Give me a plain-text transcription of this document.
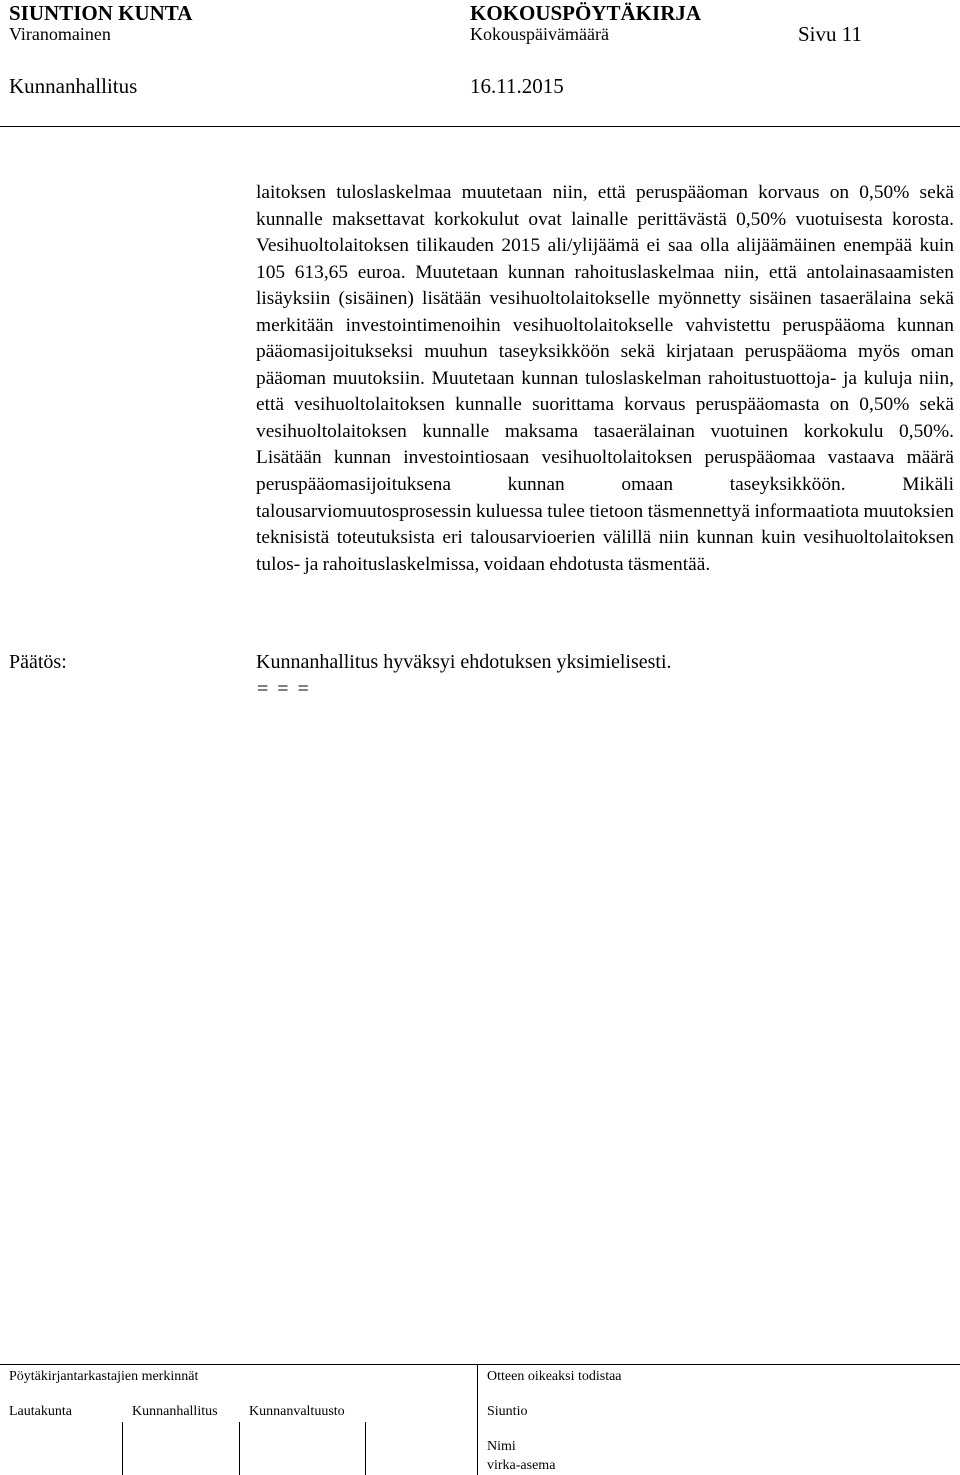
SIUNTION KUNTA	KOKOUSPÖYTÄKIRJA
Viranomainen	Kokouspäivämäärä	Sivu 11
Kunnanhallitus	16.11.2015

laitoksen tuloslaskelmaa muutetaan niin, että peruspääoman korvaus on 0,50% sekä kunnalle maksettavat korkokulut ovat lainalle perittävästä 0,50% vuotuisesta korosta. Vesihuoltolaitoksen tilikauden 2015 ali/ylijäämä ei saa olla alijäämäinen enempää kuin 105 613,65 euroa. Muutetaan kunnan rahoituslaskelmaa niin, että antolainasaamisten lisäyksiin (sisäinen) lisätään vesihuoltolaitokselle myönnetty sisäinen tasaerälaina sekä merkitään investointimenoihin vesihuoltolaitokselle vahvistettu peruspääoma kunnan pääomasijoitukseksi muuhun taseyksikköön sekä kirjataan peruspääoma myös oman pääoman muutoksiin. Muutetaan kunnan tuloslaskelman rahoitustuottoja- ja kuluja niin, että vesihuoltolaitoksen kunnalle suorittama korvaus peruspääomasta on 0,50% sekä vesihuoltolaitoksen kunnalle maksama tasaerälainan vuotuinen korkokulu 0,50%. Lisätään kunnan investointiosaan vesihuoltolaitoksen peruspääomaa vastaava määrä peruspääomasijoituksena kunnan omaan taseyksikköön. Mikäli talousarviomuutosprosessin kuluessa tulee tietoon täsmennettyä informaatiota muutoksien teknisistä toteutuksista eri talousarvioerien välillä niin kunnan kuin vesihuoltolaitoksen tulos- ja rahoituslaskelmissa, voidaan ehdotusta täsmentää.

Päätös:	Kunnanhallitus hyväksyi ehdotuksen yksimielisesti.
= = =
Pöytäkirjantarkastajien merkinnät	Otteen oikeaksi todistaa
Lautakunta	Kunnanhallitus Kunnanvaltuusto	Siuntio
Nimi
virka-asema
